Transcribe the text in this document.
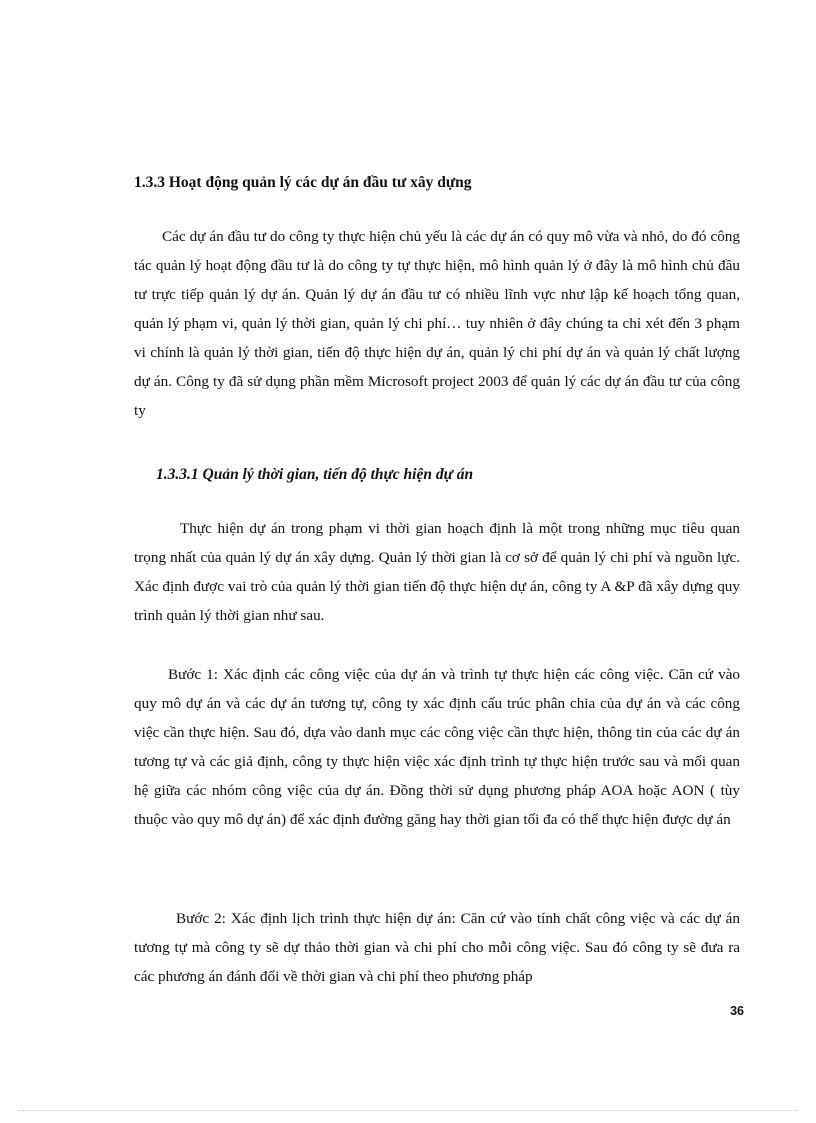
1.3.3 Hoạt động quản lý các dự án đầu tư xây dựng

Các dự án đầu tư do công ty thực hiện chủ yếu là các dự án có quy mô vừa và nhỏ, do đó công tác quản lý hoạt động đầu tư là do công ty tự thực hiện, mô hình quản lý ở đây là mô hình chủ đầu tư trực tiếp quản lý dự án. Quản lý dự án đầu tư có nhiều lĩnh vực như lập kế hoạch tổng quan, quản lý phạm vi, quản lý thời gian, quản lý chi phí… tuy nhiên ở đây chúng ta chỉ xét đến 3 phạm vi chính là quản lý thời gian, tiến độ thực hiện dự án, quản lý chi phí dự án và quản lý chất lượng dự án. Công ty đã sử dụng phần mềm Microsoft project 2003 để quản lý các dự án đầu tư của công ty

1.3.3.1 Quản lý thời gian, tiến độ thực hiện dự án

Thực hiện dự án trong phạm vi thời gian hoạch định là một trong những mục tiêu quan trọng nhất của quản lý dự án xây dựng. Quản lý thời gian là cơ sở để quản lý chi phí và nguồn lực. Xác định được vai trò của quản lý thời gian tiến độ thực hiện dự án, công ty A &P đã xây dựng quy trình quản lý thời gian như sau.

Bước 1: Xác định các công việc của dự án và trình tự thực hiện các công việc. Căn cứ vào quy mô dự án và các dự án tương tự, công ty xác định cấu trúc phân chia của dự án và các công việc cần thực hiện. Sau đó, dựa vào danh mục các công việc cần thực hiện, thông tin của các dự án tương tự và các giả định, công ty thực hiện việc xác định trình tự thực hiện trước sau và mối quan hệ giữa các nhóm công việc của dự án. Đồng thời sử dụng phương pháp AOA hoặc AON ( tùy thuộc vào quy mô dự án) để xác định đường găng hay thời gian tối đa có thể thực hiện được dự án

Bước 2: Xác định lịch trình thực hiện dự án: Căn cứ vào tính chất công việc và các dự án tương tự mà công ty sẽ dự thảo thời gian và chi phí cho mỗi công việc. Sau đó công ty sẽ đưa ra các phương án đánh đổi về thời gian và chi phí theo phương pháp

36
